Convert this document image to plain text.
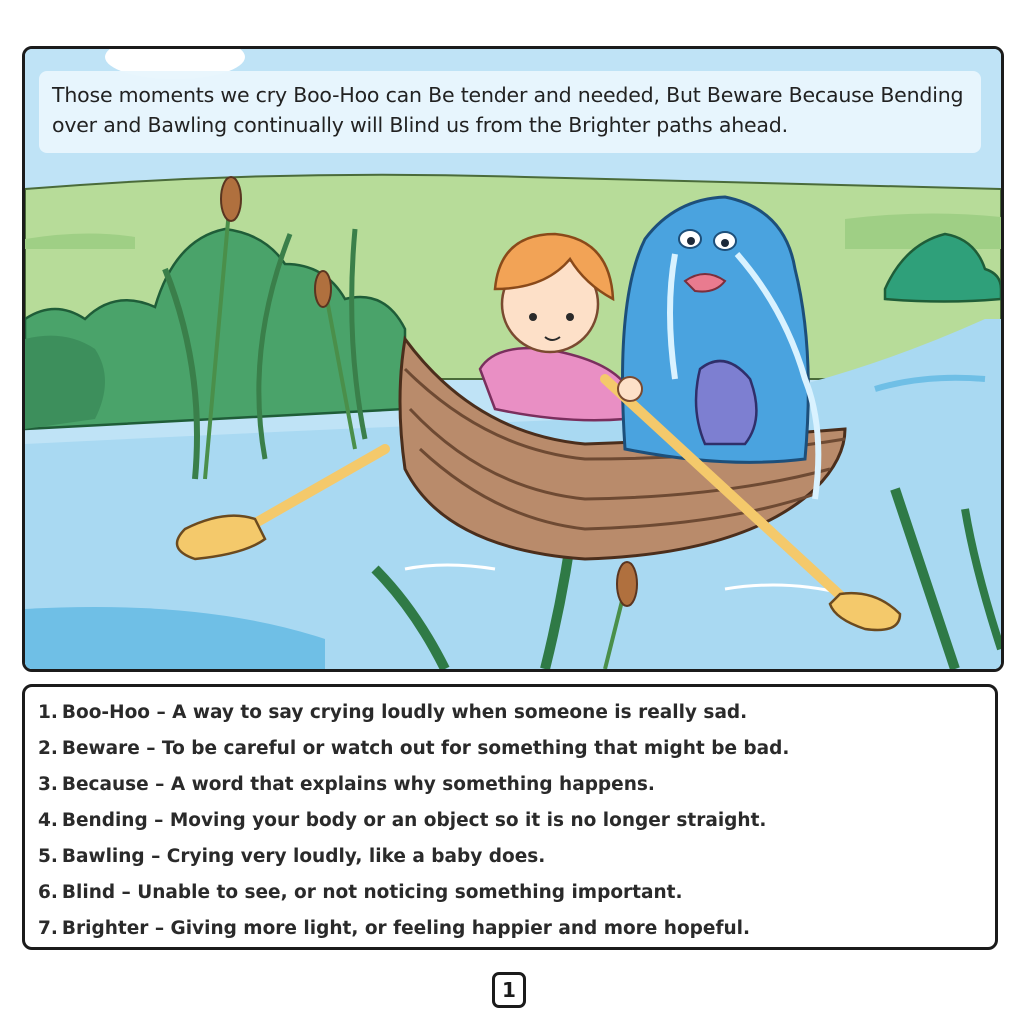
Those moments we cry Boo-Hoo can Be tender and needed, But Beware Because Bending over and Bawling continually will Blind us from the Brighter paths ahead.
1. Boo-Hoo – A way to say crying loudly when someone is really sad.
2. Beware – To be careful or watch out for something that might be bad.
3. Because – A word that explains why something happens.
4. Bending – Moving your body or an object so it is no longer straight.
5. Bawling – Crying very loudly, like a baby does.
6. Blind – Unable to see, or not noticing something important.
7. Brighter – Giving more light, or feeling happier and more hopeful.
1
